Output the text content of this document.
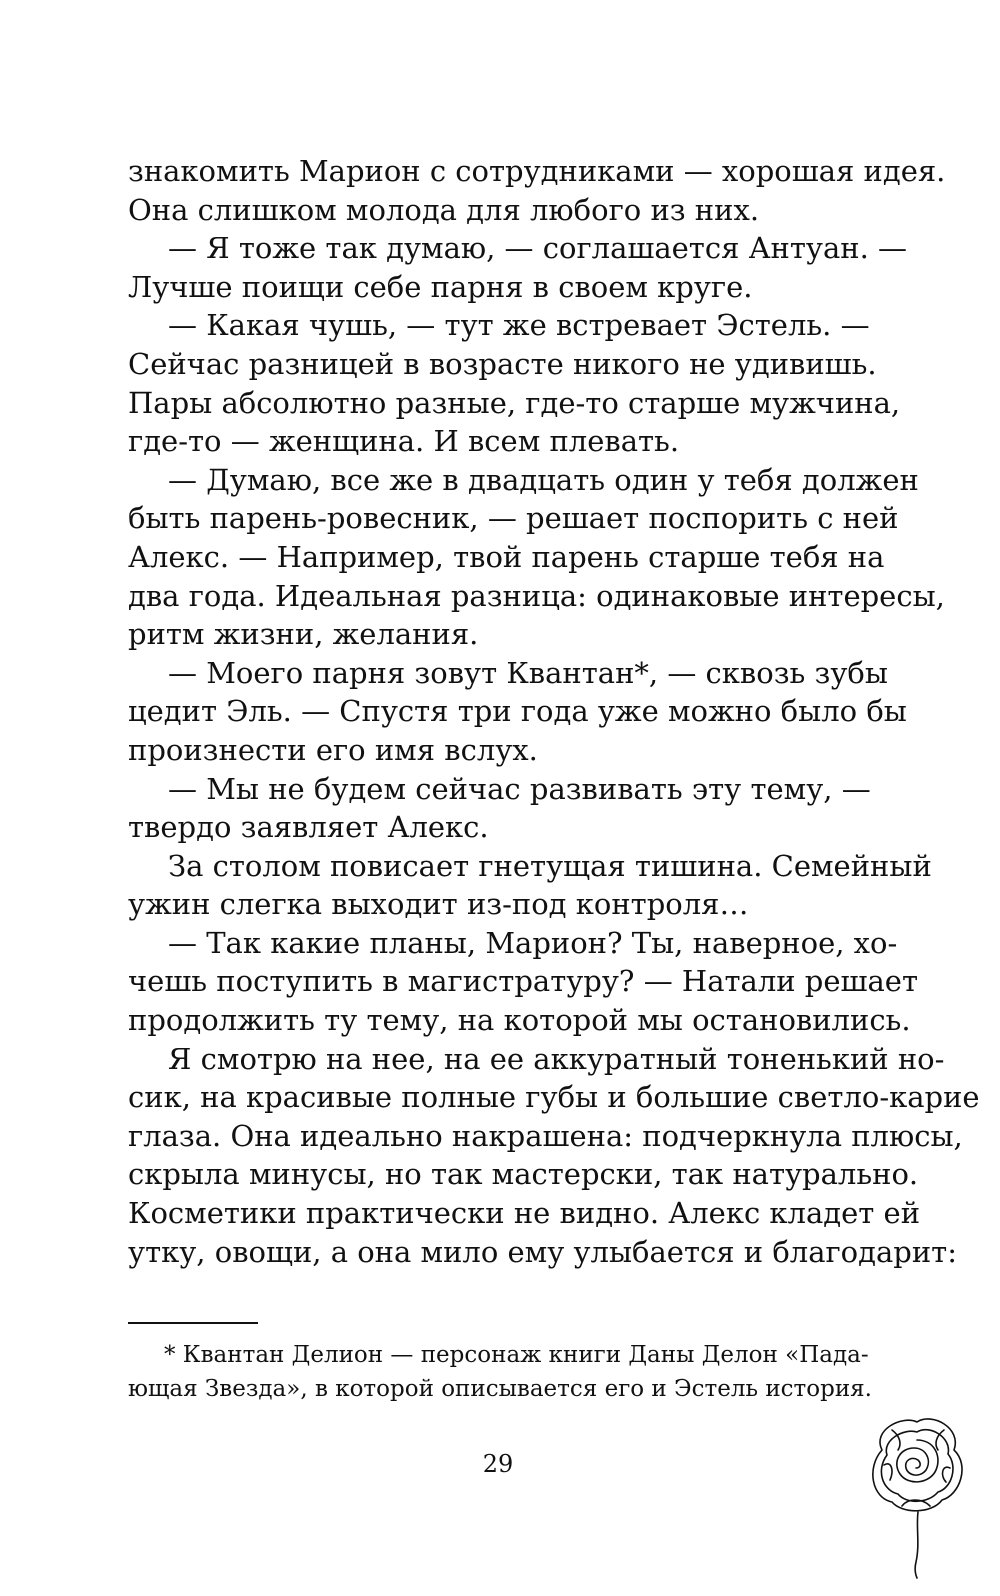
знакомить Марион с сотрудниками — хорошая идея.
Она слишком молода для любого из них.
— Я тоже так думаю, — соглашается Антуан. —
Лучше поищи себе парня в своем круге.
— Какая чушь, — тут же встревает Эстель. —
Сейчас разницей в возрасте никого не удивишь.
Пары абсолютно разные, где-то старше мужчина,
где-то — женщина. И всем плевать.
— Думаю, все же в двадцать один у тебя должен
быть парень-ровесник, — решает поспорить с ней
Алекс. — Например, твой парень старше тебя на
два года. Идеальная разница: одинаковые интересы,
ритм жизни, желания.
— Моего парня зовут Квантан*, — сквозь зубы
цедит Эль. — Спустя три года уже можно было бы
произнести его имя вслух.
— Мы не будем сейчас развивать эту тему, —
твердо заявляет Алекс.
За столом повисает гнетущая тишина. Семейный
ужин слегка выходит из-под контроля…
— Так какие планы, Марион? Ты, наверное, хо-
чешь поступить в магистратуру? — Натали решает
продолжить ту тему, на которой мы остановились.
Я смотрю на нее, на ее аккуратный тоненький но-
сик, на красивые полные губы и большие светло-карие
глаза. Она идеально накрашена: подчеркнула плюсы,
скрыла минусы, но так мастерски, так натурально.
Косметики практически не видно. Алекс кладет ей
утку, овощи, а она мило ему улыбается и благодарит:
* Квантан Делион — персонаж книги Даны Делон «Пада-
ющая Звезда», в которой описывается его и Эстель история.
29
